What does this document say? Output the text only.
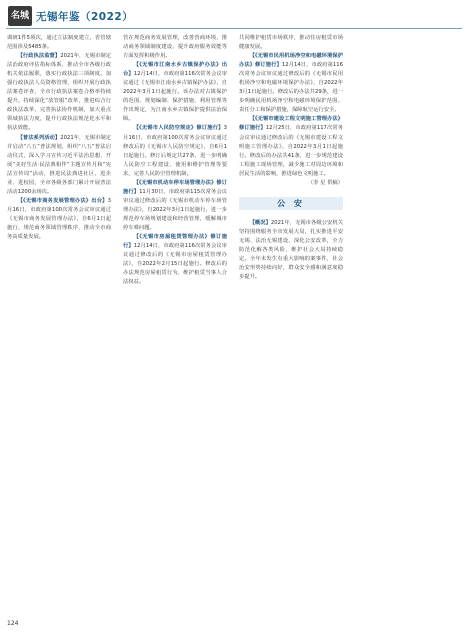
名城 无锡年鉴（2022）

调研1件5项次，通过立法制度建立，省管辖范围涉及5485条。

【行政执法监督】2021年，无锡市制定法治政府评估指标体系，推动全市各级行政机关依法履职，落实行政执法三项制度。加强行政执法人员资格管理，组织开展行政执法案卷评查，全市行政执法案卷合格率持续提升。持续深化“放管服”改革，推进综合行政执法改革，完善执法协作机制，加大重点领域执法力度，提升行政执法规范化水平和执法效能。

【普法系列活动】2021年，无锡市制定并启动“八五”普法规划，组织“八五”普法启动仪式，深入学习宣传习近平法治思想，开展“美好生活·民法典相伴”主题宣传月和“宪法宣传周”活动，推进民法典进社区、进企业、进校园，全市各级各部门累计开展普法活动1200余场次。

【《无锡市商务发展管理办法》出台】3月16日，市政府第100次常务会议审议通过《无锡市商务发展管理办法》，自6月1日起施行，规范商务领域管理秩序，推动全市商务高质量发展。

管在规范商务发展管理，改善营商环境，推动商务领域制度建设、提升政府服务效能等方面发挥积极作用。

【《无锡市江南水乡古镇保护办法》出台】12月14日，市政府第116次常务会议审议通过《无锡市江南水乡古镇保护办法》，自2022年3月1日起施行。该办法对古镇保护的范围、规划编制、保护措施、利用管理等作出规定，为江南水乡古镇保护提供法治保障。

【《无锡市人民防空规定》修订施行】3月16日，市政府第100次常务会议审议通过修改后的《无锡市人民防空规定》，自6月1日起施行。修订后规定共27条，进一步明确人民防空工程建设、使用和维护管理等要求，完善人民防空管理机制。

【《无锡市机动车停车场管理办法》修订施行】11月30日，市政府第115次常务会议审议通过修改后的《无锡市机动车停车场管理办法》，自2022年3月1日起施行，进一步规范停车场规划建设和经营管理，缓解城市停车难问题。

【《无锡市房屋租赁管理办法》修订施行】12月14日，市政府第116次常务会议审议通过修改后的《无锡市房屋租赁管理办法》，自2022年2月15日起施行。修改后的办法规范房屋租赁行为，维护租赁当事人合法权益。

共同维护租赁市场秩序，推动住房租赁市场健康发展。

【《无锡市民用机场净空和电磁环境保护办法》修订施行】12月14日，市政府第116次常务会议审议通过修改后的《无锡市民用机场净空和电磁环境保护办法》，自2022年3月1日起施行。修改后的办法共29条，进一步明确民用机场净空和电磁环境保护范围、责任分工和保护措施，保障航空运行安全。

【《无锡市建设工程文明施工管理办法》修订施行】12月25日，市政府第117次常务会议审议通过修改后的《无锡市建设工程文明施工管理办法》，自2022年3月1日起施行。修改后的办法共41条，进一步规范建设工程施工现场管理，减少施工对周边环境和居民生活的影响，推进绿色文明施工。

（李 星 供稿）

公 安

【概况】2021年，无锡市各级公安机关坚持围绕服务全市发展大局，扎实推进平安无锡、法治无锡建设，深化公安改革，全力防范化解各类风险，维护社会大局持续稳定。全年未发生有重大影响的案事件，社会治安形势持续向好，群众安全感和满意度稳步提升。

124
